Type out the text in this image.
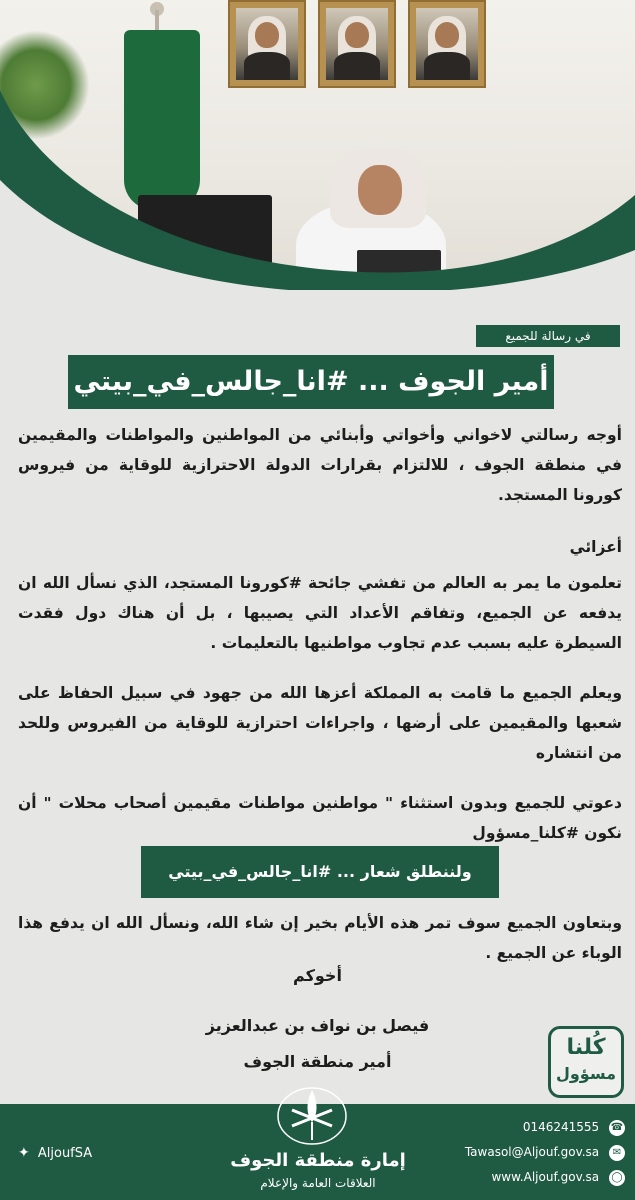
في رسالة للجميع
أمير الجوف ... #انا_جالس_في_بيتي
أوجه رسالتي لاخواني وأخواتي وأبنائي من المواطنين والمواطنات والمقيمين في منطقة الجوف ، للالتزام بقرارات الدولة الاحترازية للوقاية من فيروس كورونا المستجد.
أعزائي
تعلمون ما يمر به العالم من تفشي جائحة #كورونا المستجد، الذي نسأل الله ان يدفعه عن الجميع، وتفاقم الأعداد التي يصيبها ، بل أن هناك دول فقدت السيطرة عليه بسبب عدم تجاوب مواطنيها بالتعليمات .
ويعلم الجميع ما قامت به المملكة أعزها الله من جهود في سبيل الحفاظ على شعبها والمقيمين على أرضها ، واجراءات احترازية للوقاية من الفيروس وللحد من انتشاره
دعوتي للجميع وبدون استثناء " مواطنين مواطنات مقيمين أصحاب محلات " أن نكون #كلنا_مسؤول
ولننطلق شعار ... #انا_جالس_في_بيتي
وبتعاون الجميع سوف تمر هذه الأيام بخير إن شاء الله، ونسأل الله ان يدفع هذا الوباء عن الجميع .
أخوكم
فيصل بن نواف بن عبدالعزيز
أمير منطقة الجوف
كُلنا
مسؤول
0146241555 ☎
Tawasol@Aljouf.gov.sa ✉
www.Aljouf.gov.sa ◯
✦ AljoufSA	إمارة منطقة الجوف
العلاقات العامة والإعلام
